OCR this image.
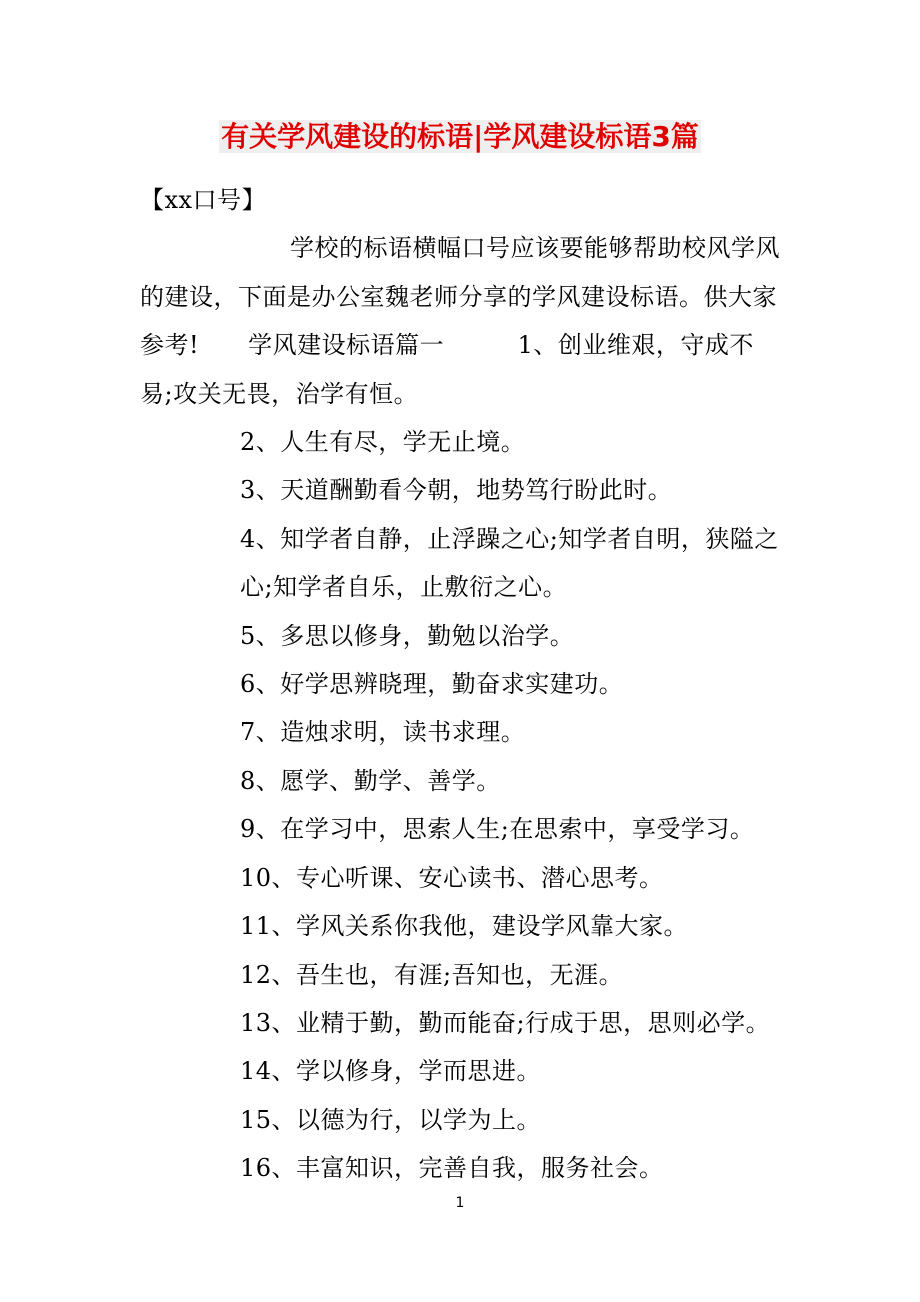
有关学风建设的标语|学风建设标语3篇

【xx口号】

学校的标语横幅口号应该要能够帮助校风学风的建设，下面是办公室魏老师分享的学风建设标语。供大家参考!　　学风建设标语篇一　　　1、创业维艰，守成不易;攻关无畏，治学有恒。

2、人生有尽，学无止境。

3、天道酬勤看今朝，地势笃行盼此时。

4、知学者自静，止浮躁之心;知学者自明，狭隘之心;知学者自乐，止敷衍之心。

5、多思以修身，勤勉以治学。

6、好学思辨晓理，勤奋求实建功。

7、造烛求明，读书求理。

8、愿学、勤学、善学。

9、在学习中，思索人生;在思索中，享受学习。

10、专心听课、安心读书、潜心思考。

11、学风关系你我他，建设学风靠大家。

12、吾生也，有涯;吾知也，无涯。

13、业精于勤，勤而能奋;行成于思，思则必学。

14、学以修身，学而思进。

15、以德为行，以学为上。

16、丰富知识，完善自我，服务社会。

1
